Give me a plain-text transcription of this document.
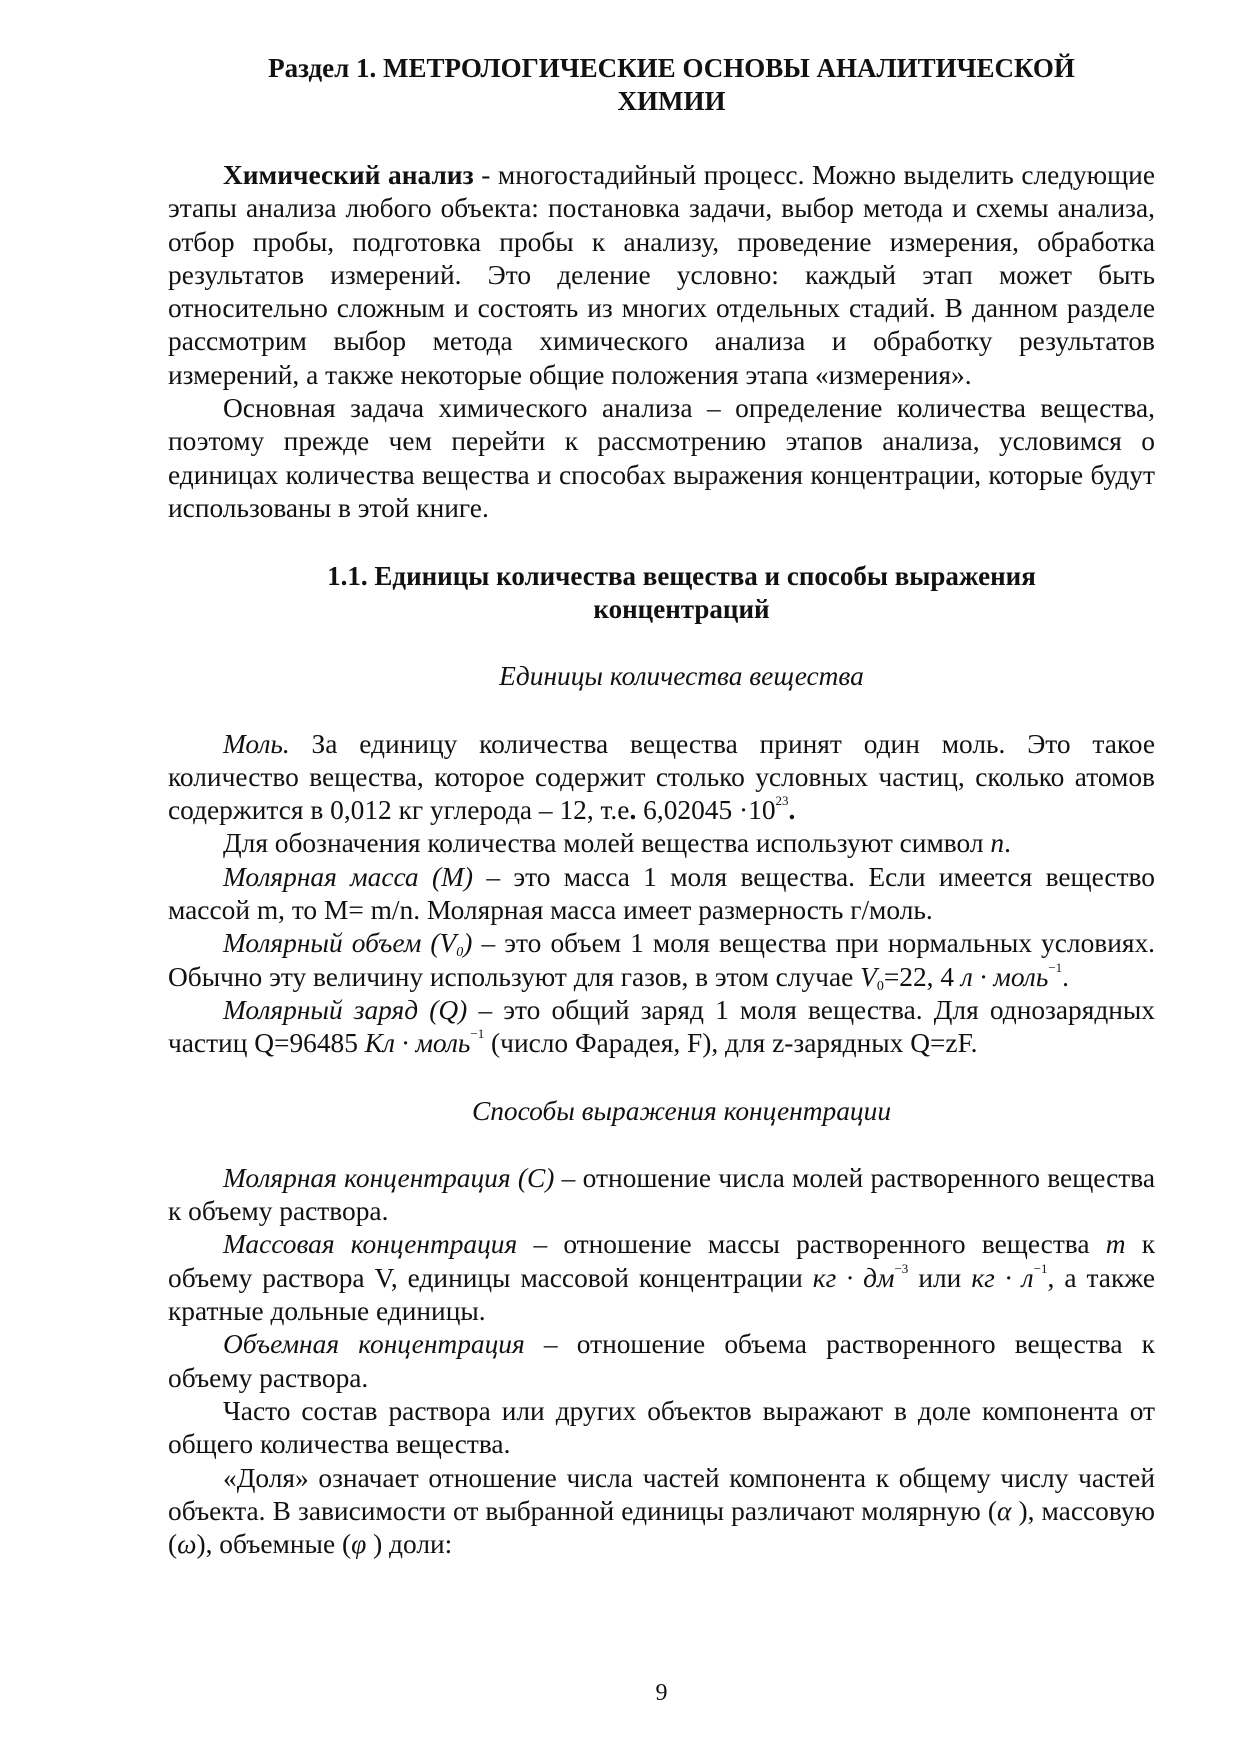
Раздел 1. МЕТРОЛОГИЧЕСКИЕ ОСНОВЫ АНАЛИТИЧЕСКОЙ
ХИМИИ

Химический анализ - многостадийный процесс. Можно выделить следующие этапы анализа любого объекта: постановка задачи, выбор метода и схемы анализа, отбор пробы, подготовка пробы к анализу, проведение измерения, обработка результатов измерений. Это деление условно: каждый этап может быть относительно сложным и состоять из многих отдельных стадий. В данном разделе рассмотрим выбор метода химического анализа и обработку результатов измерений, а также некоторые общие положения этапа «измерения».

Основная задача химического анализа – определение количества вещества, поэтому прежде чем перейти к рассмотрению этапов анализа, условимся о единицах количества вещества и способах выражения концентрации, которые будут использованы в этой книге.

1.1. Единицы количества вещества и способы выражения
концентраций
Единицы количества вещества

Моль. За единицу количества вещества принят один моль. Это такое количество вещества, которое содержит столько условных частиц, сколько атомов содержится в 0,012 кг углерода – 12, т.е. $6,02045 \cdot 10^{23}$.

Для обозначения количества молей вещества используют символ n.

Молярная масса (М) – это масса 1 моля вещества. Если имеется вещество массой m, то M= m/n. Молярная масса имеет размерность г/моль.

Молярный объем (V0) – это объем 1 моля вещества при нормальных условиях. Обычно эту величину используют для газов, в этом случае V0=22, 4 л · моль$^{-1}$.

Молярный заряд (Q) – это общий заряд 1 моля вещества. Для однозарядных частиц Q=96485 Кл · моль$^{-1}$ (число Фарадея, F), для z-зарядных Q=zF.

Способы выражения концентрации

Молярная концентрация (С) – отношение числа молей растворенного вещества к объему раствора.

Массовая концентрация – отношение массы растворенного вещества m к объему раствора V, единицы массовой концентрации кг · $дм^{-3}$ или кг · $л^{-1}$, а также кратные дольные единицы.

Объемная концентрация – отношение объема растворенного вещества к объему раствора.

Часто состав раствора или других объектов выражают в доле компонента от общего количества вещества.

«Доля» означает отношение числа частей компонента к общему числу частей объекта. В зависимости от выбранной единицы различают молярную (α ), массовую (ω), объемные (φ ) доли:

9
